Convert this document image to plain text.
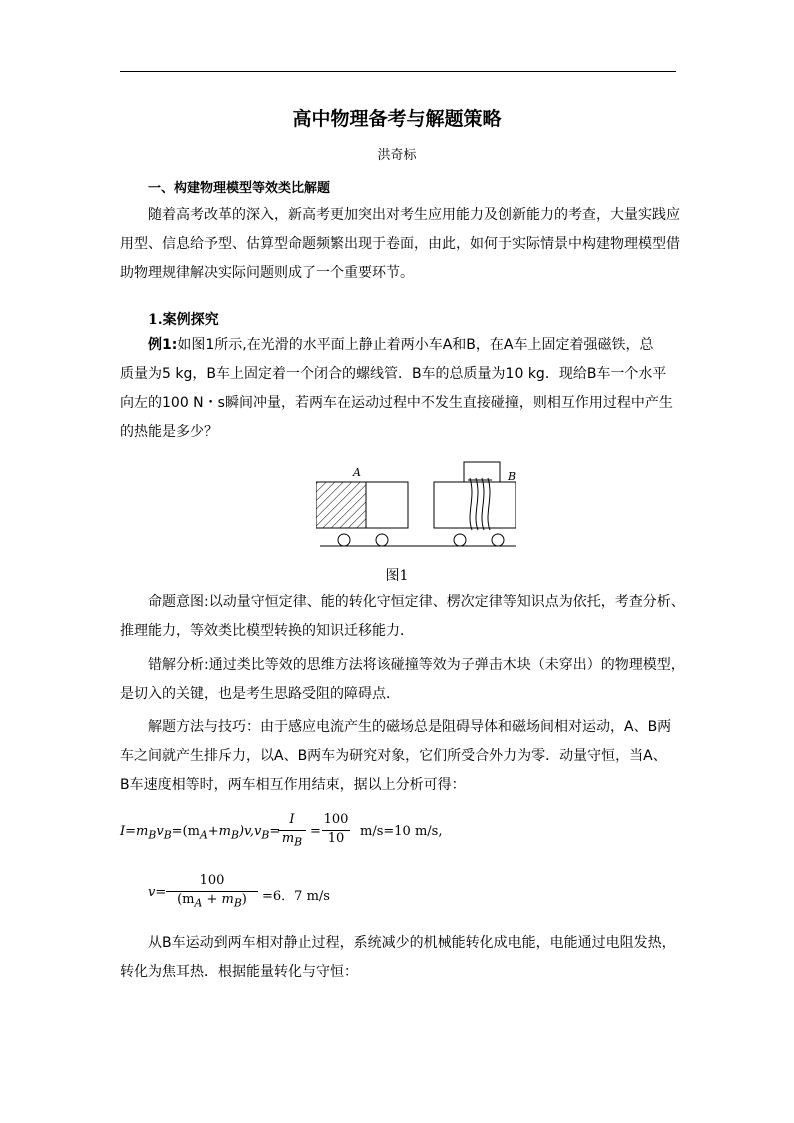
高中物理备考与解题策略
洪奇标
一、构建物理模型等效类比解题
随着高考改革的深入，新高考更加突出对考生应用能力及创新能力的考查，大量实践应
用型、信息给予型、估算型命题频繁出现于卷面，由此，如何于实际情景中构建物理模型借
助物理规律解决实际问题则成了一个重要环节。
1.案例探究
例1:如图1所示,在光滑的水平面上静止着两小车A和B，在A车上固定着强磁铁，总
质量为5 kg，B车上固定着一个闭合的螺线管．B车的总质量为10 kg．现给B车一个水平
向左的100 N・s瞬间冲量，若两车在运动过程中不发生直接碰撞，则相互作用过程中产生
的热能是多少？
A	B
图1
命题意图:以动量守恒定律、能的转化守恒定律、楞次定律等知识点为依托，考查分析、
推理能力，等效类比模型转换的知识迁移能力．
错解分析:通过类比等效的思维方法将该碰撞等效为子弹击木块（未穿出）的物理模型，
是切入的关键，也是考生思路受阻的障碍点．
解题方法与技巧：由于感应电流产生的磁场总是阻碍导体和磁场间相对运动，A、B两
车之间就产生排斥力，以A、B两车为研究对象，它们所受合外力为零．动量守恒，当A、
B车速度相等时，两车相互作用结束，据以上分析可得：
$I=m_Bv_B=(m_A+m_B)v,v_B=$
I
$m_B$
= $\frac{100}{10} m/s=10$ m/s,
v=
100
$(m_A + m_B)$	=6．7 m/s
从B车运动到两车相对静止过程，系统减少的机械能转化成电能，电能通过电阻发热，
转化为焦耳热．根据能量转化与守恒：
